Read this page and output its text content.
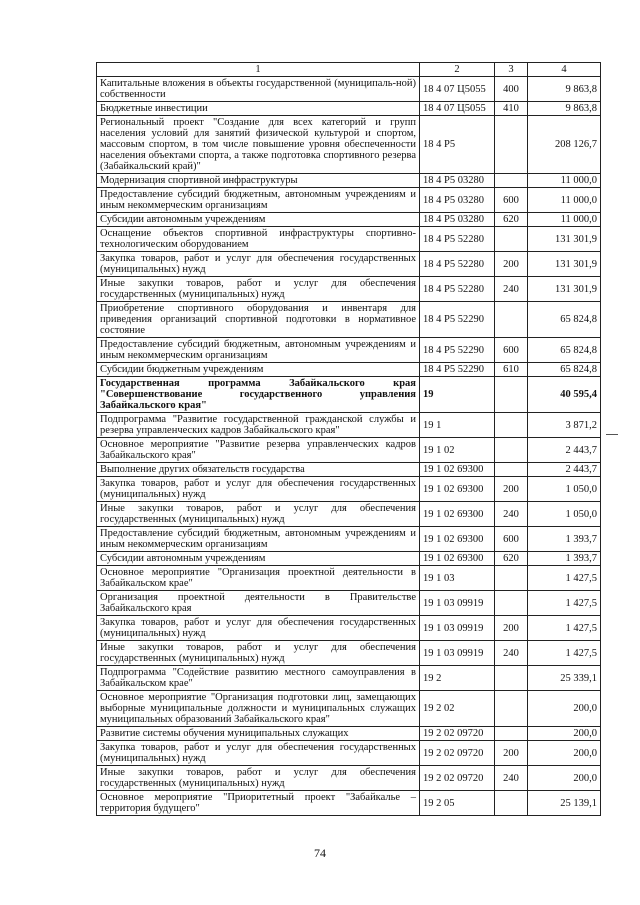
1	2	3	4
Капитальные вложения в объекты государственной (муниципаль-ной) собственности	18 4 07 Ц5055	400	9 863,8
Бюджетные инвестиции	18 4 07 Ц5055	410	9 863,8
Региональный проект "Создание для всех категорий и групп населения условий для занятий физической культурой и спортом, массовым спортом, в том числе повышение уровня обеспеченности населения объектами спорта, а также подготовка спортивного резерва (Забайкальский край)"	18 4 P5		208 126,7
Модернизация спортивной инфраструктуры	18 4 P5 03280		11 000,0
Предоставление субсидий бюджетным, автономным учреждениям и иным некоммерческим организациям	18 4 P5 03280	600	11 000,0
Субсидии автономным учреждениям	18 4 P5 03280	620	11 000,0
Оснащение объектов спортивной инфраструктуры спортивно-технологическим оборудованием	18 4 P5 52280		131 301,9
Закупка товаров, работ и услуг для обеспечения государственных (муниципальных) нужд	18 4 P5 52280	200	131 301,9
Иные закупки товаров, работ и услуг для обеспечения государственных (муниципальных) нужд	18 4 P5 52280	240	131 301,9
Приобретение спортивного оборудования и инвентаря для приведения организаций спортивной подготовки в нормативное состояние	18 4 P5 52290		65 824,8
Предоставление субсидий бюджетным, автономным учреждениям и иным некоммерческим организациям	18 4 P5 52290	600	65 824,8
Субсидии бюджетным учреждениям	18 4 P5 52290	610	65 824,8
Государственная программа Забайкальского края "Совершенствование государственного управления Забайкальского края"	19		40 595,4
Подпрограмма "Развитие государственной гражданской службы и резерва управленческих кадров Забайкальского края"	19 1		3 871,2
Основное мероприятие "Развитие резерва управленческих кадров Забайкальского края"	19 1 02		2 443,7
Выполнение других обязательств государства	19 1 02 69300		2 443,7
Закупка товаров, работ и услуг для обеспечения государственных (муниципальных) нужд	19 1 02 69300	200	1 050,0
Иные закупки товаров, работ и услуг для обеспечения государственных (муниципальных) нужд	19 1 02 69300	240	1 050,0
Предоставление субсидий бюджетным, автономным учреждениям и иным некоммерческим организациям	19 1 02 69300	600	1 393,7
Субсидии автономным учреждениям	19 1 02 69300	620	1 393,7
Основное мероприятие "Организация проектной деятельности в Забайкальском крае"	19 1 03		1 427,5
Организация проектной деятельности в Правительстве Забайкальского края	19 1 03 09919		1 427,5
Закупка товаров, работ и услуг для обеспечения государственных (муниципальных) нужд	19 1 03 09919	200	1 427,5
Иные закупки товаров, работ и услуг для обеспечения государственных (муниципальных) нужд	19 1 03 09919	240	1 427,5
Подпрограмма "Содействие развитию местного самоуправления в Забайкальском крае"	19 2		25 339,1
Основное мероприятие "Организация подготовки лиц, замещающих выборные муниципальные должности и муниципальных служащих муниципальных образований Забайкальского края"	19 2 02		200,0
Развитие системы обучения муниципальных служащих	19 2 02 09720		200,0
Закупка товаров, работ и услуг для обеспечения государственных (муниципальных) нужд	19 2 02 09720	200	200,0
Иные закупки товаров, работ и услуг для обеспечения государственных (муниципальных) нужд	19 2 02 09720	240	200,0
Основное мероприятие "Приоритетный проект "Забайкалье – территория будущего"	19 2 05		25 139,1
74
